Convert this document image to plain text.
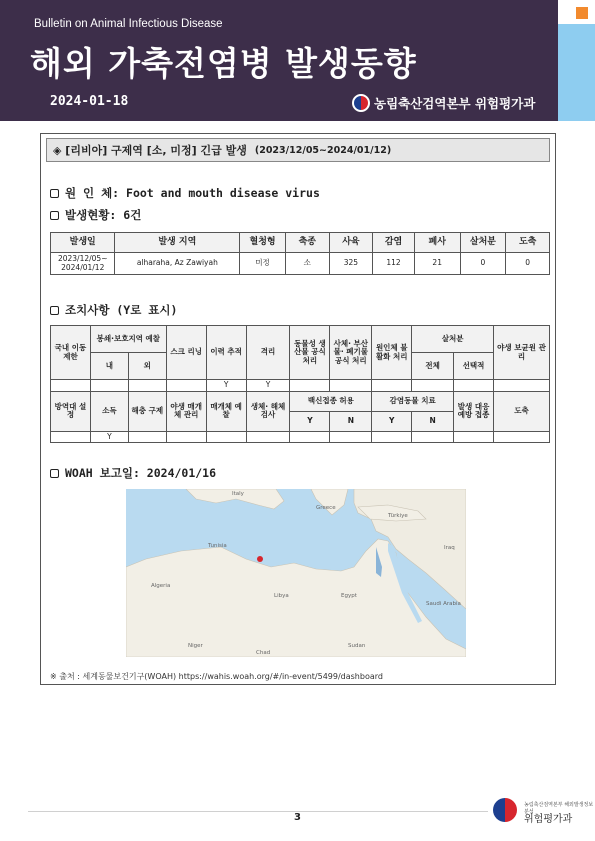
Bulletin on Animal Infectious Disease
해외 가축전염병 발생동향
2024-01-18	농림축산검역본부 위험평가과
◈ [리비아] 구제역 [소, 미정] 긴급 발생 (2023/12/05~2024/01/12)
원 인 체: Foot and mouth disease virus
발생현황: 6건
발생일	발생 지역	혈청형	축종	사육	감염	폐사	살처분	도축
2023/12/05~ 2024/01/12	alharaha, Az Zawiyah	미정	소	325	112	21	0	0
조치사항 (Y로 표시)
국내 이동 제한	봉쇄·보호지역 예찰		스크 리닝	이력 추적	격리	동물성 생산물 공식 처리	사체· 부산물· 폐기물 공식 처리	원인체 불활화 처리	살처분		야생 보균원 관리
	내	외							전체	선택적	
				Y	Y						
방역대 설정	소독	해충 구제	야생 매개체 관리	매개체 예찰	생체· 해체 검사	백신접종 허용		감염동물 치료		발생 대응 예방 접종	도축
						Y	N	Y	N		
	Y										
WOAH 보고일: 2024/01/16
Algeria
Libya	Egypt
Chad
Niger	Sudan
Saudi Arabia
Türkiye
Greece
Italy
Iraq
Tunisia
※ 출처 : 세계동물보건기구(WOAH) https://wahis.woah.org/#/in-event/5499/dashboard
3
농림축산검역본부 해외발생정보분석
위험평가과
